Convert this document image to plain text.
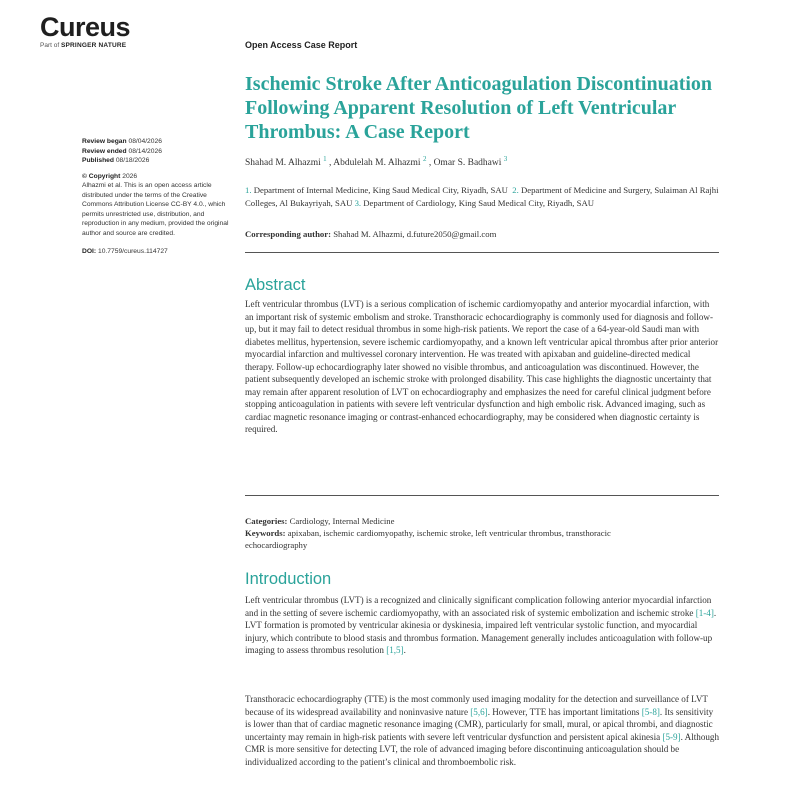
Cureus
Part of SPRINGER NATURE	Open Access Case Report
Ischemic Stroke After Anticoagulation Discontinuation Following Apparent Resolution of Left Ventricular Thrombus: A Case Report
Shahad M. Alhazmi $^1$ , Abdulelah M. Alhazmi $^2$ , Omar S. Badhawi $^3$
1. Department of Internal Medicine, King Saud Medical City, Riyadh, SAU 2. Department of Medicine and Surgery, Sulaiman Al Rajhi Colleges, Al Bukayriyah, SAU 3. Department of Cardiology, King Saud Medical City, Riyadh, SAU
Corresponding author: Shahad M. Alhazmi, d.future2050@gmail.com
Review began 08/04/2026
Review ended 08/14/2026
Published 08/18/2026
© Copyright 2026
Alhazmi et al. This is an open access article distributed under the terms of the Creative Commons Attribution License CC-BY 4.0., which permits unrestricted use, distribution, and reproduction in any medium, provided the original author and source are credited.
DOI: 10.7759/cureus.114727
Abstract

Left ventricular thrombus (LVT) is a serious complication of ischemic cardiomyopathy and anterior myocardial infarction, with an important risk of systemic embolism and stroke. Transthoracic echocardiography is commonly used for diagnosis and follow-up, but it may fail to detect residual thrombus in some high-risk patients. We report the case of a 64-year-old Saudi man with diabetes mellitus, hypertension, severe ischemic cardiomyopathy, and a known left ventricular apical thrombus after prior anterior myocardial infarction and multivessel coronary intervention. He was treated with apixaban and guideline-directed medical therapy. Follow-up echocardiography later showed no visible thrombus, and anticoagulation was discontinued. However, the patient subsequently developed an ischemic stroke with prolonged disability. This case highlights the diagnostic uncertainty that may remain after apparent resolution of LVT on echocardiography and emphasizes the need for careful clinical judgment before stopping anticoagulation in patients with severe left ventricular dysfunction and high embolic risk. Advanced imaging, such as cardiac magnetic resonance imaging or contrast-enhanced echocardiography, may be considered when diagnostic certainty is required.

Categories: Cardiology, Internal Medicine
Keywords: apixaban, ischemic cardiomyopathy, ischemic stroke, left ventricular thrombus, transthoracic echocardiography
Introduction

Left ventricular thrombus (LVT) is a recognized and clinically significant complication following anterior myocardial infarction and in the setting of severe ischemic cardiomyopathy, with an associated risk of systemic embolization and ischemic stroke [1-4]. LVT formation is promoted by ventricular akinesia or dyskinesia, impaired left ventricular systolic function, and myocardial injury, which contribute to blood stasis and thrombus formation. Management generally includes anticoagulation with follow-up imaging to assess thrombus resolution [1,5].

Transthoracic echocardiography (TTE) is the most commonly used imaging modality for the detection and surveillance of LVT because of its widespread availability and noninvasive nature [5,6]. However, TTE has important limitations [5-8]. Its sensitivity is lower than that of cardiac magnetic resonance imaging (CMR), particularly for small, mural, or apical thrombi, and diagnostic uncertainty may remain in high-risk patients with severe left ventricular dysfunction and persistent apical akinesia [5-9]. Although CMR is more sensitive for detecting LVT, the role of advanced imaging before discontinuing anticoagulation should be individualized according to the patient’s clinical and thromboembolic risk.
